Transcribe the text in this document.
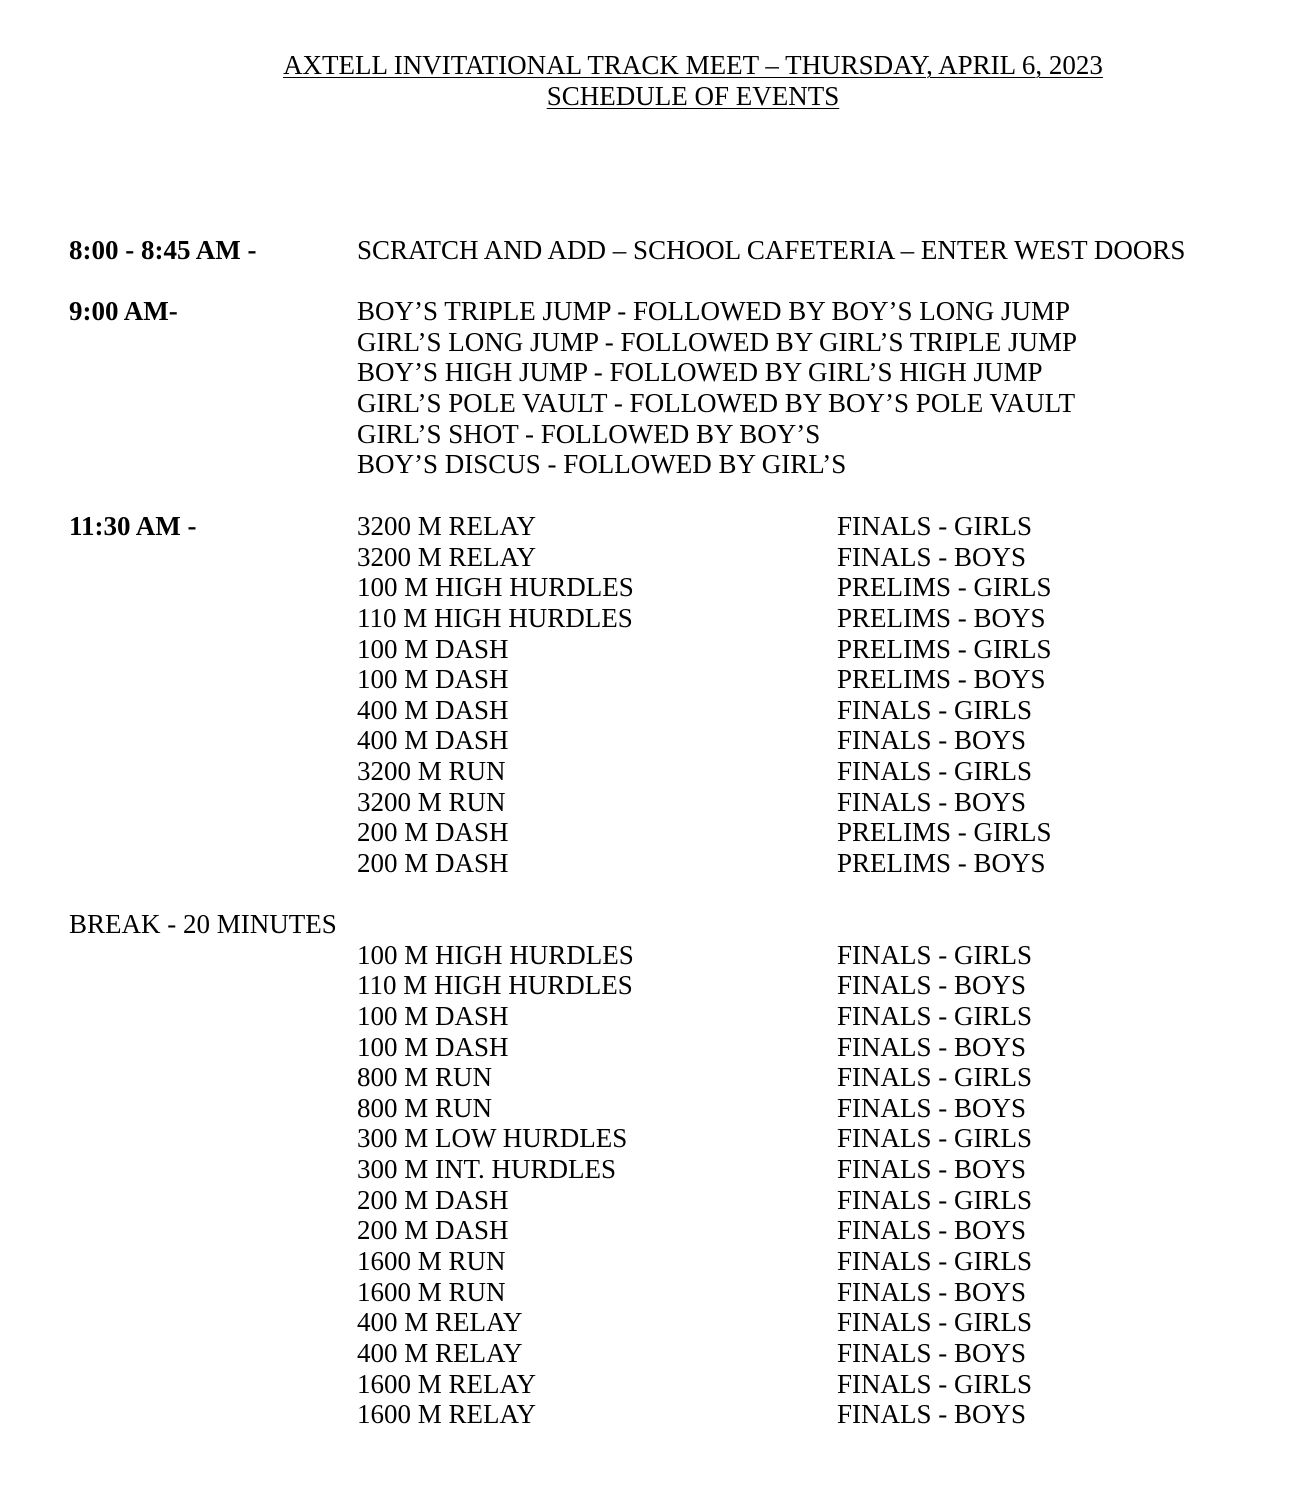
AXTELL INVITATIONAL TRACK MEET – THURSDAY, APRIL 6, 2023
SCHEDULE OF EVENTS
8:00 - 8:45 AM -	SCRATCH AND ADD – SCHOOL CAFETERIA – ENTER WEST DOORS
9:00 AM-	BOY’S TRIPLE JUMP - FOLLOWED BY BOY’S LONG JUMP
GIRL’S LONG JUMP - FOLLOWED BY GIRL’S TRIPLE JUMP
BOY’S HIGH JUMP - FOLLOWED BY GIRL’S HIGH JUMP
GIRL’S POLE VAULT - FOLLOWED BY BOY’S POLE VAULT
GIRL’S SHOT - FOLLOWED BY BOY’S
BOY’S DISCUS - FOLLOWED BY GIRL’S
11:30 AM -	3200 M RELAY	FINALS - GIRLS
3200 M RELAY	FINALS - BOYS
100 M HIGH HURDLES	PRELIMS - GIRLS
110 M HIGH HURDLES	PRELIMS - BOYS
100 M DASH	PRELIMS - GIRLS
100 M DASH	PRELIMS - BOYS
400 M DASH	FINALS - GIRLS
400 M DASH	FINALS - BOYS
3200 M RUN	FINALS - GIRLS
3200 M RUN	FINALS - BOYS
200 M DASH	PRELIMS - GIRLS
200 M DASH	PRELIMS - BOYS
BREAK - 20 MINUTES
100 M HIGH HURDLES	FINALS - GIRLS
110 M HIGH HURDLES	FINALS - BOYS
100 M DASH	FINALS - GIRLS
100 M DASH	FINALS - BOYS
800 M RUN	FINALS - GIRLS
800 M RUN	FINALS - BOYS
300 M LOW HURDLES	FINALS - GIRLS
300 M INT. HURDLES	FINALS - BOYS
200 M DASH	FINALS - GIRLS
200 M DASH	FINALS - BOYS
1600 M RUN	FINALS - GIRLS
1600 M RUN	FINALS - BOYS
400 M RELAY	FINALS - GIRLS
400 M RELAY	FINALS - BOYS
1600 M RELAY	FINALS - GIRLS
1600 M RELAY	FINALS - BOYS
